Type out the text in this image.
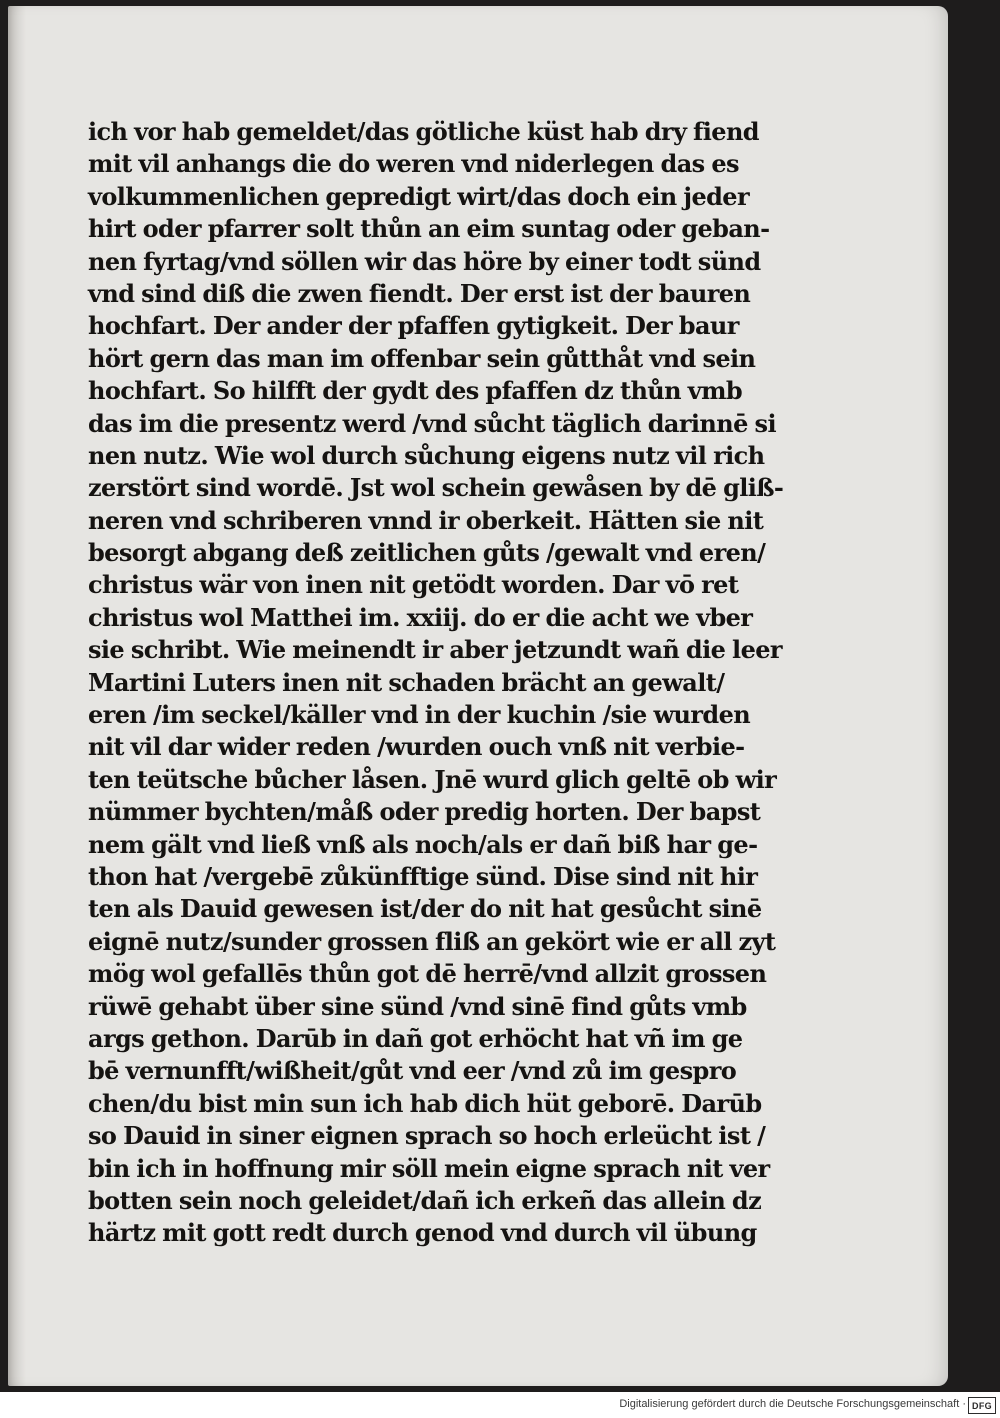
ich vor hab gemeldet/das götliche küst hab dry fiend
mit vil anhangs die do weren vnd niderlegen das es
volkummenlichen gepredigt wirt/das doch ein jeder
hirt oder pfarrer solt thůn an eim suntag oder geban-
nen fyrtag/vnd söllen wir das höre by einer todt sünd
vnd sind diß die zwen fiendt. Der erst ist der bauren
hochfart. Der ander der pfaffen gytigkeit. Der baur
hört gern das man im offenbar sein gůtthåt vnd sein
hochfart. So hilfft der gydt des pfaffen dz thůn vmb
das im die presentz werd /vnd sůcht täglich darinnē si
nen nutz. Wie wol durch sůchung eigens nutz vil rich
zerstört sind wordē. Jst wol schein gewåsen by dē gliß-
neren vnd schriberen vnnd ir oberkeit. Hätten sie nit
besorgt abgang deß zeitlichen gůts /gewalt vnd eren/
christus wär von inen nit getödt worden. Dar vō ret
christus wol Matthei im. xxiij. do er die acht we vber
sie schribt. Wie meinendt ir aber jetzundt wañ die leer
Martini Luters inen nit schaden brächt an gewalt/
eren /im seckel/käller vnd in der kuchin /sie wurden
nit vil dar wider reden /wurden ouch vnß nit verbie-
ten teütsche bůcher låsen. Jnē wurd glich geltē ob wir
nümmer bychten/måß oder predig horten. Der bapst
nem gält vnd ließ vnß als noch/als er dañ biß har ge-
thon hat /vergebē zůkünfftige sünd. Dise sind nit hir
ten als Dauid gewesen ist/der do nit hat gesůcht sinē
eignē nutz/sunder grossen fliß an gekört wie er all zyt
mög wol gefallēs thůn got dē herrē/vnd allzit grossen
rüwē gehabt über sine sünd /vnd sinē find gůts vmb
args gethon. Darūb in dañ got erhöcht hat vñ im ge
bē vernunfft/wißheit/gůt vnd eer /vnd zů im gespro
chen/du bist min sun ich hab dich hüt geborē. Darūb
so Dauid in siner eignen sprach so hoch erleücht ist /
bin ich in hoffnung mir söll mein eigne sprach nit ver
botten sein noch geleidet/dañ ich erkeñ das allein dz
härtz mit gott redt durch genod vnd durch vil übung
Digitalisierung gefördert durch die Deutsche Forschungsgemeinschaft · DFG
